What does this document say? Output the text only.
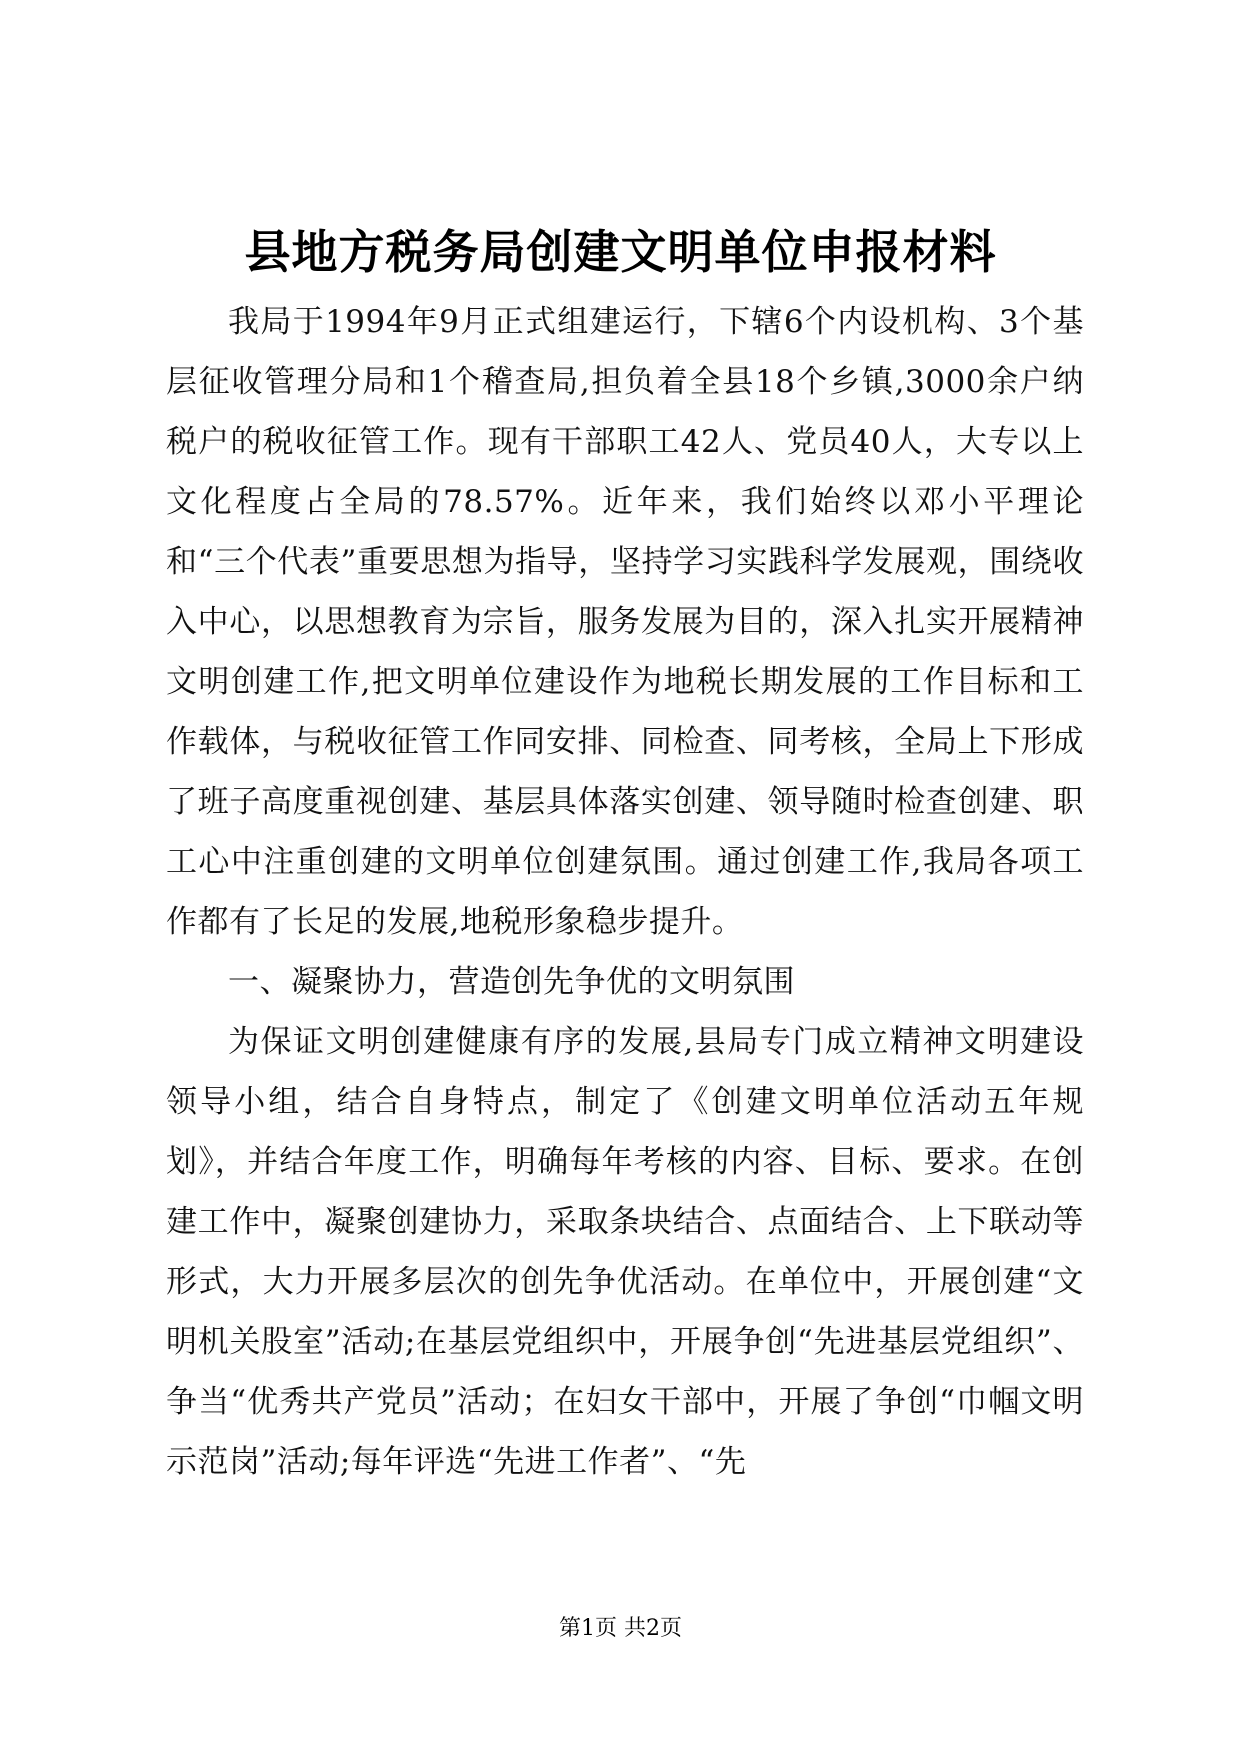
县地方税务局创建文明单位申报材料

我局于1994年9月正式组建运行，下辖6个内设机构、3个基层征收管理分局和1个稽查局,担负着全县18个乡镇,3000余户纳税户的税收征管工作。现有干部职工42人、党员40人，大专以上文化程度占全局的78.57%。近年来，我们始终以邓小平理论和“三个代表”重要思想为指导，坚持学习实践科学发展观，围绕收入中心，以思想教育为宗旨，服务发展为目的，深入扎实开展精神文明创建工作,把文明单位建设作为地税长期发展的工作目标和工作载体，与税收征管工作同安排、同检查、同考核，全局上下形成了班子高度重视创建、基层具体落实创建、领导随时检查创建、职工心中注重创建的文明单位创建氛围。通过创建工作,我局各项工作都有了长足的发展,地税形象稳步提升。

一、凝聚协力，营造创先争优的文明氛围

为保证文明创建健康有序的发展,县局专门成立精神文明建设领导小组，结合自身特点，制定了《创建文明单位活动五年规划》，并结合年度工作，明确每年考核的内容、目标、要求。在创建工作中，凝聚创建协力，采取条块结合、点面结合、上下联动等形式，大力开展多层次的创先争优活动。在单位中，开展创建“文明机关股室”活动;在基层党组织中，开展争创“先进基层党组织”、争当“优秀共产党员”活动；在妇女干部中，开展了争创“巾帼文明示范岗”活动;每年评选“先进工作者”、“先

第1页 共2页
